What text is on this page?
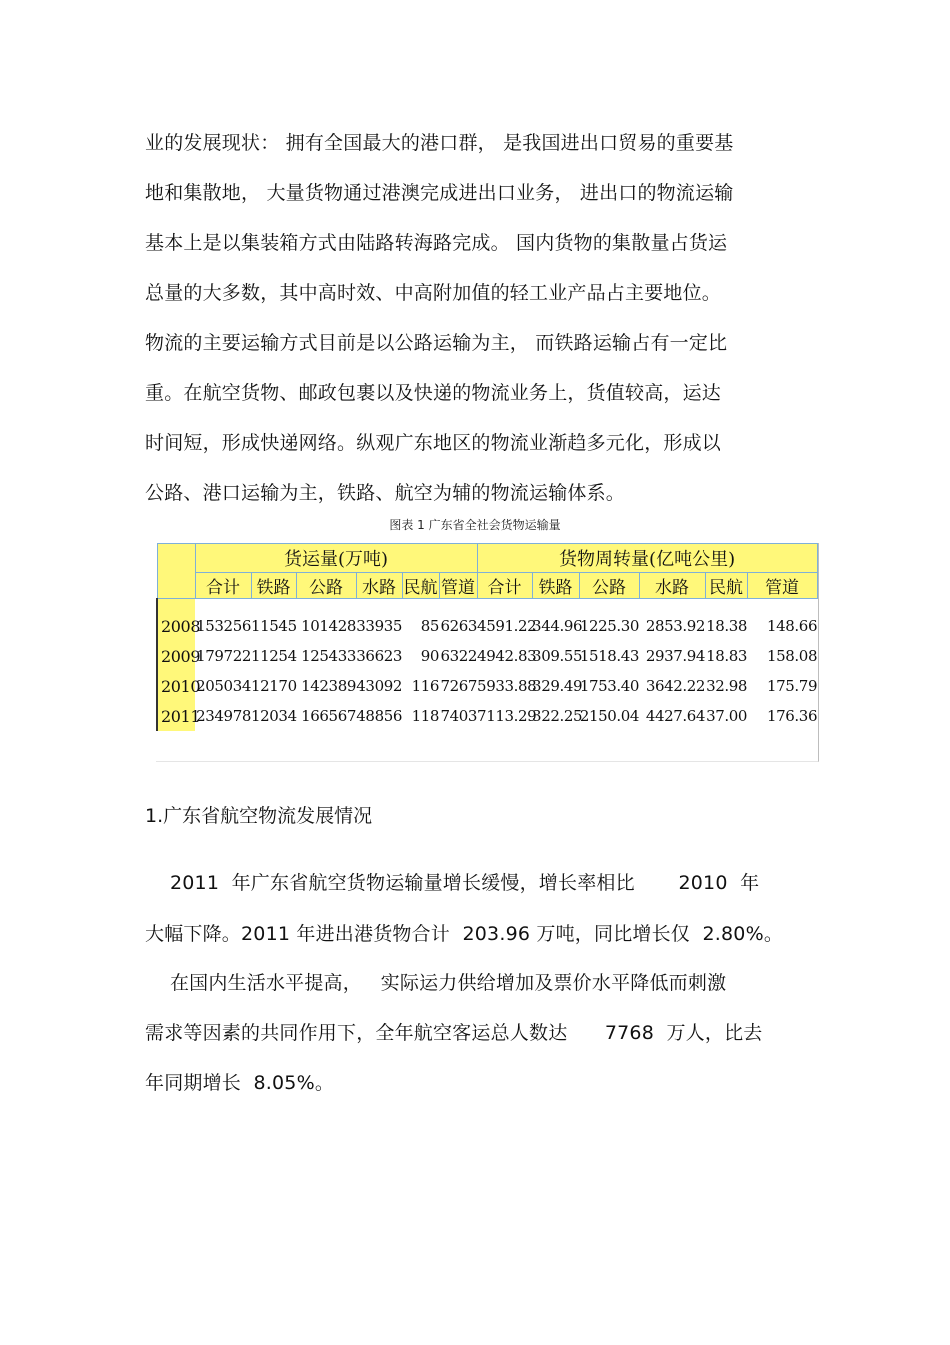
业的发展现状： 拥有全国最大的港口群， 是我国进出口贸易的重要基
地和集散地， 大量货物通过港澳完成进出口业务， 进出口的物流运输
基本上是以集装箱方式由陆路转海路完成。 国内货物的集散量占货运
总量的大多数，其中高时效、中高附加值的轻工业产品占主要地位。
物流的主要运输方式目前是以公路运输为主， 而铁路运输占有一定比
重。在航空货物、邮政包裹以及快递的物流业务上，货值较高，运达
时间短，形成快递网络。纵观广东地区的物流业渐趋多元化，形成以
公路、港口运输为主，铁路、航空为辅的物流运输体系。
图表 1 广东省全社会货物运输量
	货运量(万吨)						货物周转量(亿吨公里)					
	合计	铁路	公路	水路	民航	管道	合计	铁路	公路	水路	民航	管道

2008	153256	11545	101428	33935	85	6263	4591.22	344.96	1225.30	2853.92	18.38	148.66
2009	179722	11254	125433	36623	90	6322	4942.83	309.55	1518.43	2937.94	18.83	158.08
2010	205034	12170	142389	43092	116	7267	5933.88	329.49	1753.40	3642.22	32.98	175.79
2011	234978	12034	166567	48856	118	7403	7113.29	322.25	2150.04	4427.64	37.00	176.36
1.广东省航空物流发展情况
2011  年广东省航空货物运输量增长缓慢，增长率相比       2010  年
大幅下降。2011 年进出港货物合计  203.96 万吨，同比增长仅  2.80%。
在国内生活水平提高，   实际运力供给增加及票价水平降低而刺激
需求等因素的共同作用下，全年航空客运总人数达      7768  万人，比去
年同期增长  8.05%。
